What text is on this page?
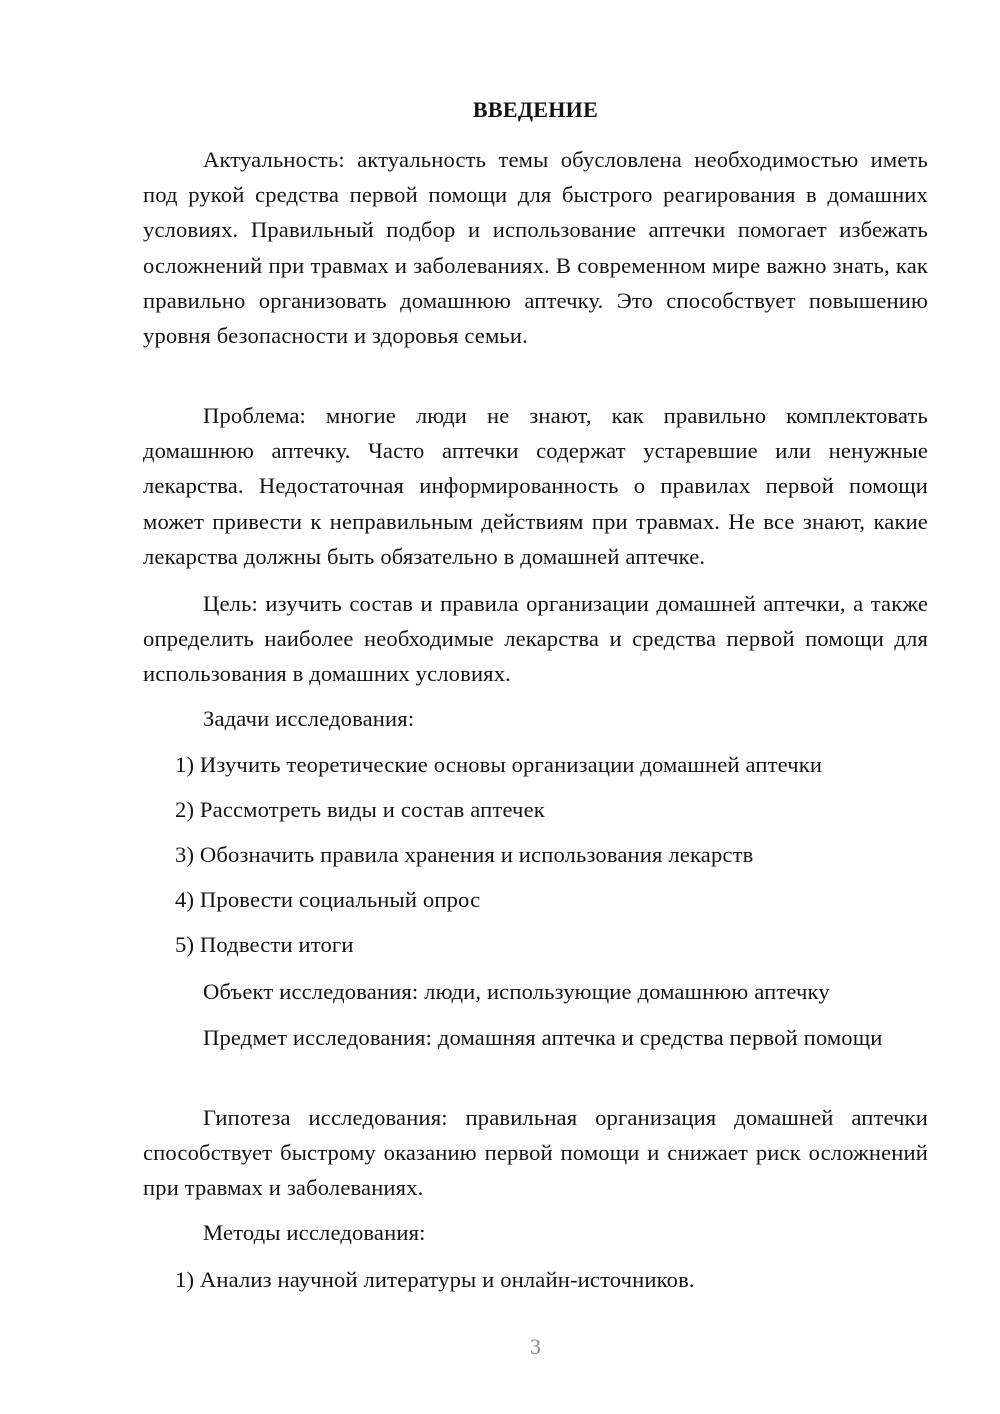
ВВЕДЕНИЕ

Актуальность: актуальность темы обусловлена необходимостью иметь под рукой средства первой помощи для быстрого реагирования в домашних условиях. Правильный подбор и использование аптечки помогает избежать осложнений при травмах и заболеваниях. В современном мире важно знать, как правильно организовать домашнюю аптечку. Это способствует повышению уровня безопасности и здоровья семьи.

Проблема: многие люди не знают, как правильно комплектовать домашнюю аптечку. Часто аптечки содержат устаревшие или ненужные лекарства. Недостаточная информированность о правилах первой помощи может привести к неправильным действиям при травмах. Не все знают, какие лекарства должны быть обязательно в домашней аптечке.

Цель: изучить состав и правила организации домашней аптечки, а также определить наиболее необходимые лекарства и средства первой помощи для использования в домашних условиях.

Задачи исследования:

1) Изучить теоретические основы организации домашней аптечки

2) Рассмотреть виды и состав аптечек

3) Обозначить правила хранения и использования лекарств

4) Провести социальный опрос

5) Подвести итоги

Объект исследования: люди, использующие домашнюю аптечку

Предмет исследования: домашняя аптечка и средства первой помощи

Гипотеза исследования: правильная организация домашней аптечки способствует быстрому оказанию первой помощи и снижает риск осложнений при травмах и заболеваниях.

Методы исследования:

1) Анализ научной литературы и онлайн-источников.

3
